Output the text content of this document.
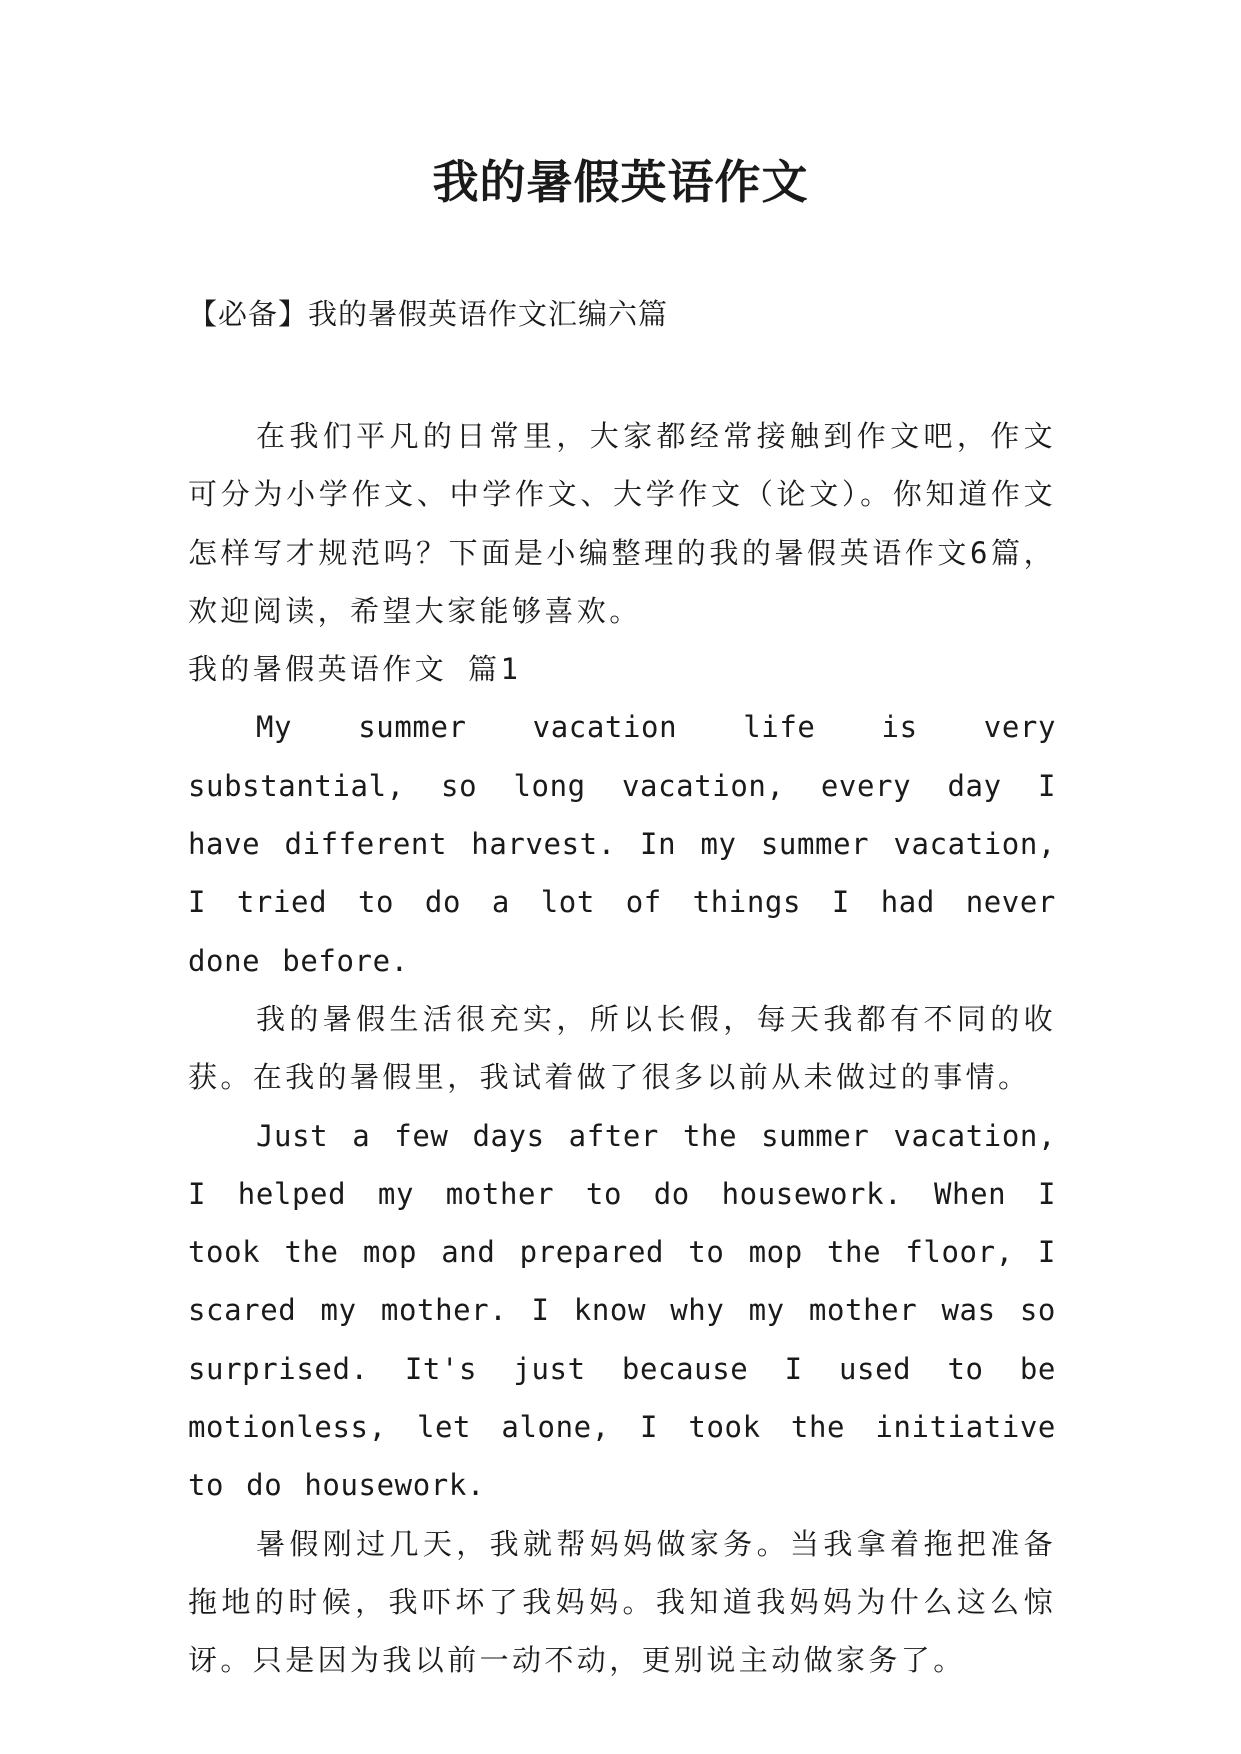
我的暑假英语作文
【必备】我的暑假英语作文汇编六篇

在我们平凡的日常里，大家都经常接触到作文吧，作文可分为小学作文、中学作文、大学作文（论文）。你知道作文怎样写才规范吗？下面是小编整理的我的暑假英语作文6篇，欢迎阅读，希望大家能够喜欢。

我的暑假英语作文 篇1

My summer vacation life is very substantial, so long vacation, every day I have different harvest. In my summer vacation, I tried to do a lot of things I had never done before.

我的暑假生活很充实，所以长假，每天我都有不同的收获。在我的暑假里，我试着做了很多以前从未做过的事情。

Just a few days after the summer vacation, I helped my mother to do housework. When I took the mop and prepared to mop the floor, I scared my mother. I know why my mother was so surprised. It's just because I used to be motionless, let alone, I took the initiative to do housework.

暑假刚过几天，我就帮妈妈做家务。当我拿着拖把准备拖地的时候，我吓坏了我妈妈。我知道我妈妈为什么这么惊讶。只是因为我以前一动不动，更别说主动做家务了。
